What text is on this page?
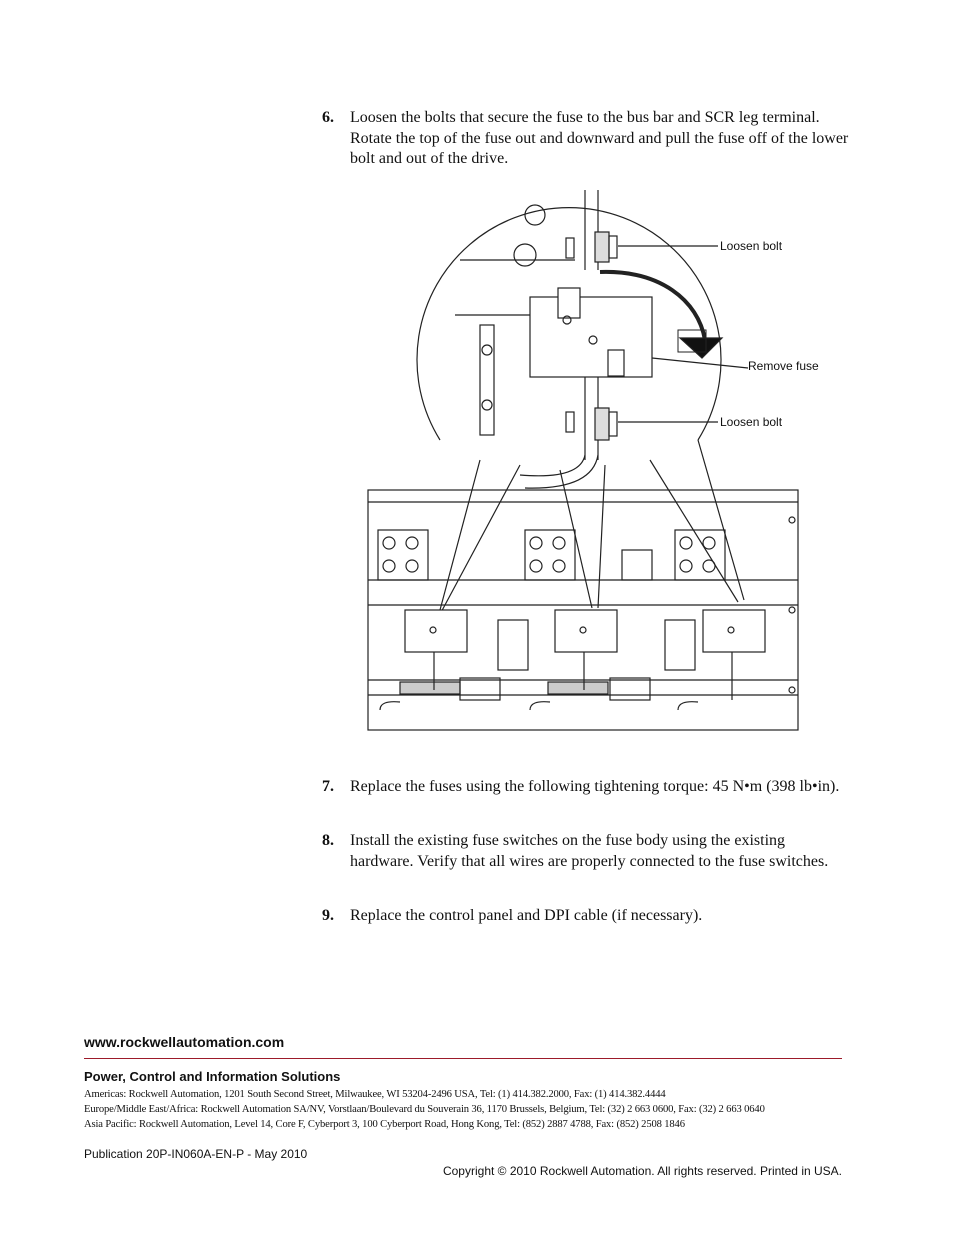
6. Loosen the bolts that secure the fuse to the bus bar and SCR leg terminal. Rotate the top of the fuse out and downward and pull the fuse off of the lower bolt and out of the drive.
Loosen bolt
Remove fuse
Loosen bolt
7. Replace the fuses using the following tightening torque: 45 N•m (398 lb•in).
8. Install the existing fuse switches on the fuse body using the existing hardware. Verify that all wires are properly connected to the fuse switches.
9. Replace the control panel and DPI cable (if necessary).
www.rockwellautomation.com
Power, Control and Information Solutions
Americas: Rockwell Automation, 1201 South Second Street, Milwaukee, WI 53204-2496 USA, Tel: (1) 414.382.2000, Fax: (1) 414.382.4444
Europe/Middle East/Africa: Rockwell Automation SA/NV, Vorstlaan/Boulevard du Souverain 36, 1170 Brussels, Belgium, Tel: (32) 2 663 0600, Fax: (32) 2 663 0640
Asia Pacific: Rockwell Automation, Level 14, Core F, Cyberport 3, 100 Cyberport Road, Hong Kong, Tel: (852) 2887 4788, Fax: (852) 2508 1846
Publication 20P-IN060A-EN-P - May 2010
Copyright © 2010 Rockwell Automation. All rights reserved. Printed in USA.
